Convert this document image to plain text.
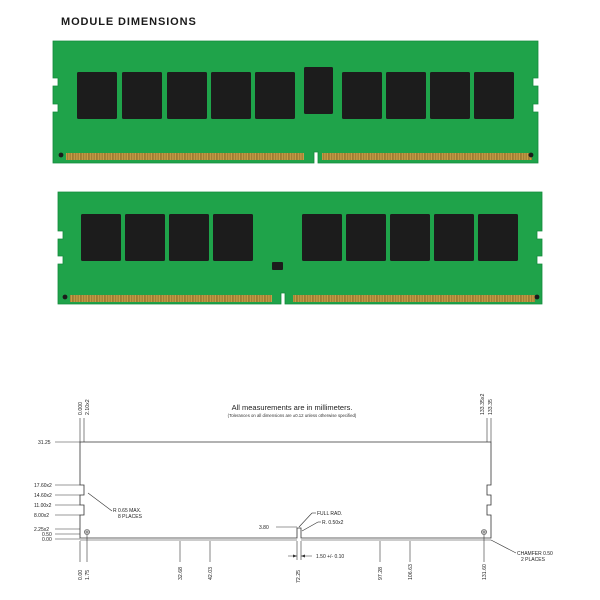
MODULE DIMENSIONS
All measurements are in millimeters.
(Tolerances on all dimensions are ±0.12 unless otherwise specified)
0.000 2.10x2	133.35x2 133.35
31.25
17.60x2
14.60x2
11.00x2
8.00x2
2.25x2
0.50
0.00
R 0.65 MAX.
8 PLACES	FULL RAD.
R. 0.50x2
3.80
1.50 +/- 0.10	CHAMFER 0.50
2 PLACES
0.00 1.75	32.68	42.03	72.25	97.28	106.63	131.60
